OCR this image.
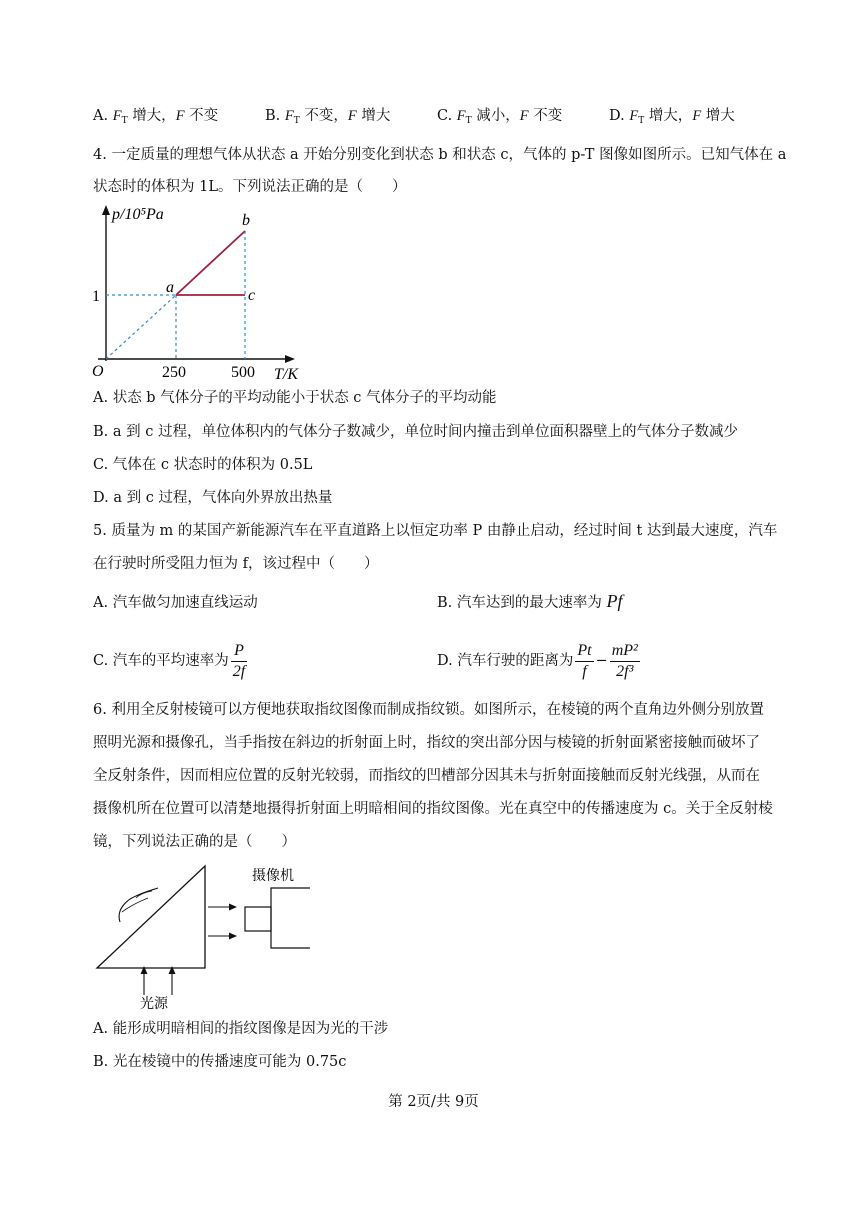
A. $F_T$ 增大，F 不变	B. $F_T$ 不变，F 增大	C. $F_T$ 减小，F 不变	D. $F_T$ 增大，F 增大
4. 一定质量的理想气体从状态 a 开始分别变化到状态 b 和状态 c，气体的 p-T 图像如图所示。已知气体在 a
状态时的体积为 1L。下列说法正确的是（　　）
p/10⁵Pa
T/K
O
1
250	500
a
b
c
A. 状态 b 气体分子的平均动能小于状态 c 气体分子的平均动能
B. a 到 c 过程，单位体积内的气体分子数减少，单位时间内撞击到单位面积器壁上的气体分子数减少
C. 气体在 c 状态时的体积为 0.5L
D. a 到 c 过程，气体向外界放出热量
5. 质量为 m 的某国产新能源汽车在平直道路上以恒定功率 P 由静止启动，经过时间 t 达到最大速度，汽车
在行驶时所受阻力恒为 f，该过程中（　　）
A. 汽车做匀加速直线运动	B. 汽车达到的最大速率为 Pf
C. 汽车的平均速率为 $\frac{P}{2f}$	D. 汽车行驶的距离为 $\frac{Pt}{f} - \frac{\text{mP²}}{\text{2f³}}$
6. 利用全反射棱镜可以方便地获取指纹图像而制成指纹锁。如图所示，在棱镜的两个直角边外侧分别放置
照明光源和摄像孔，当手指按在斜边的折射面上时，指纹的突出部分因与棱镜的折射面紧密接触而破坏了
全反射条件，因而相应位置的反射光较弱，而指纹的凹槽部分因其未与折射面接触而反射光线强，从而在
摄像机所在位置可以清楚地摄得折射面上明暗相间的指纹图像。光在真空中的传播速度为 c。关于全反射棱
镜，下列说法正确的是（　　）
摄像机
光源
A. 能形成明暗相间的指纹图像是因为光的干涉
B. 光在棱镜中的传播速度可能为 0.75c
第 2页/共 9页
